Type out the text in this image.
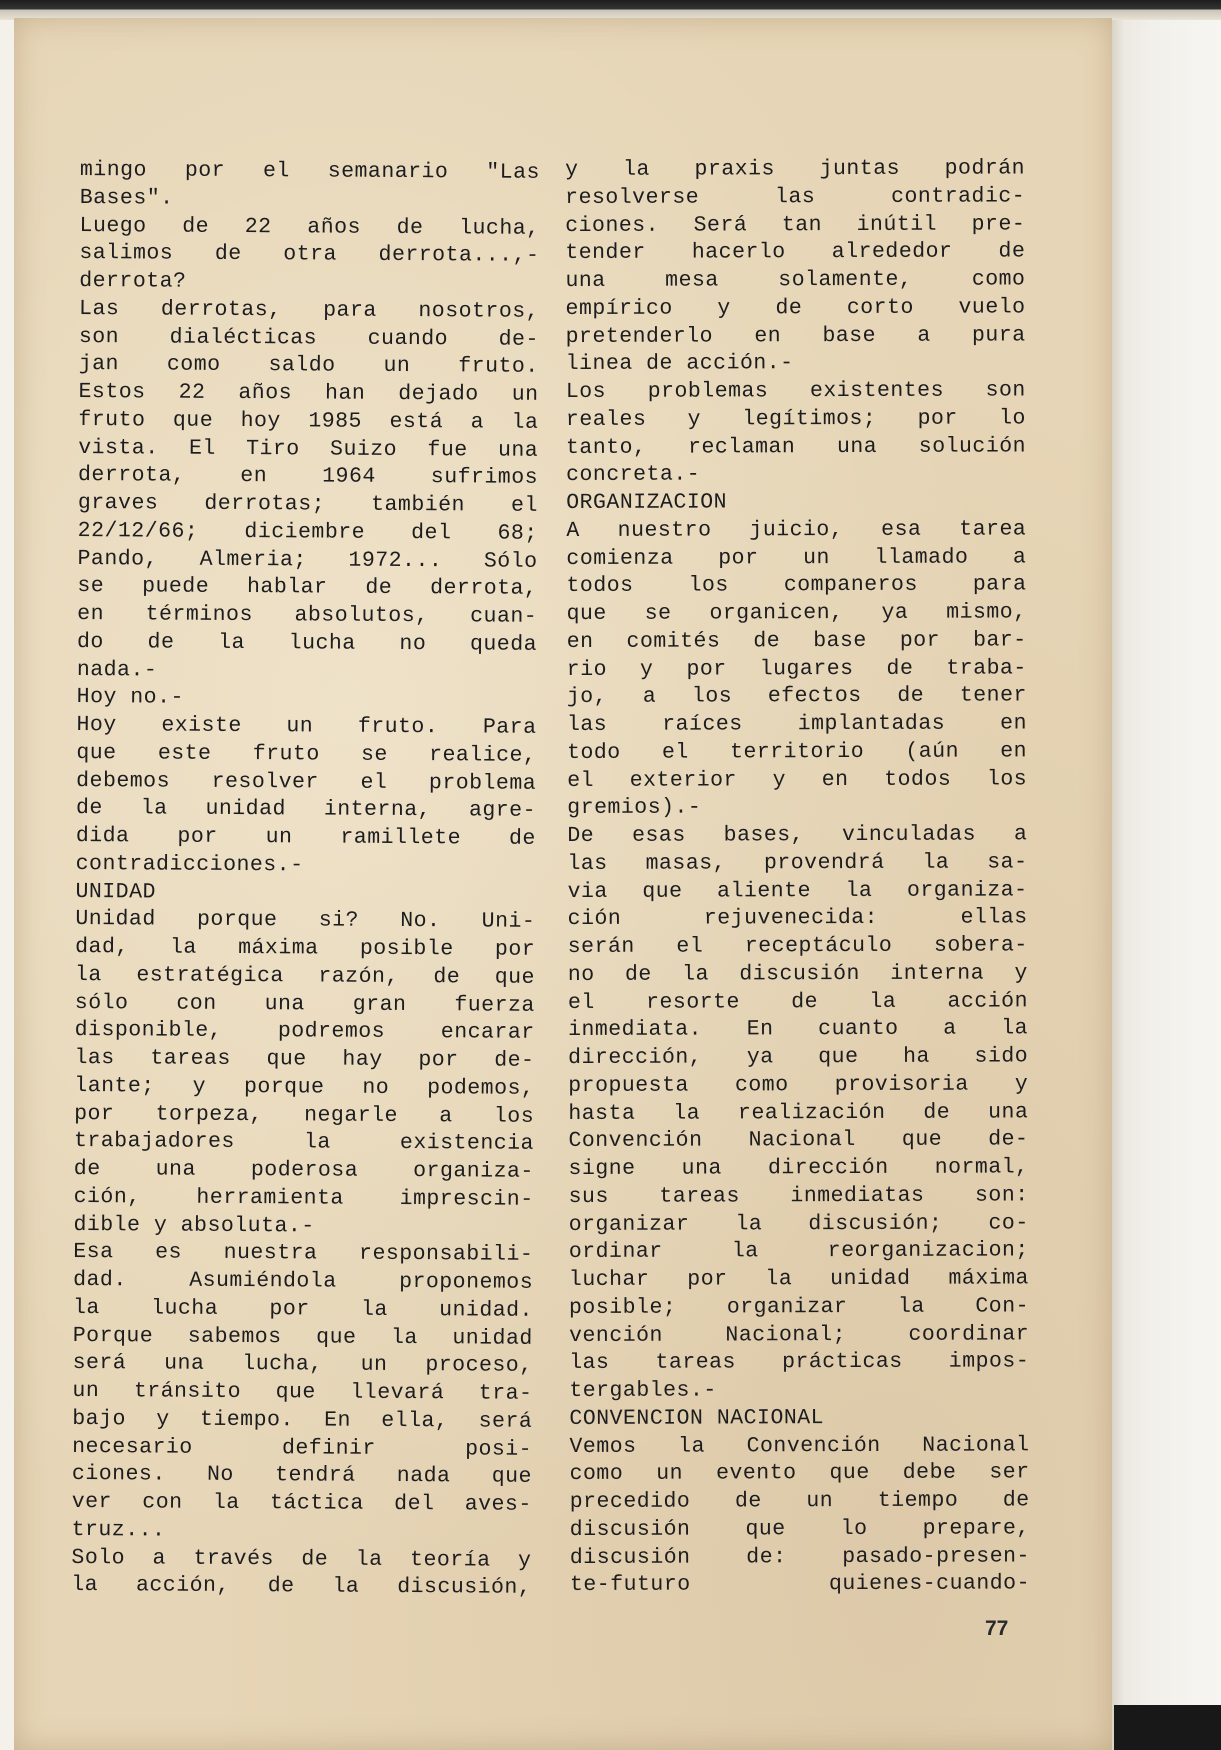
mingo por el semanario "Las
Bases".
Luego de 22 años de lucha,
salimos de otra derrota...,-
derrota?
Las derrotas, para nosotros,
son dialécticas cuando de-
jan como saldo un fruto.
Estos 22 años han dejado un
fruto que hoy 1985 está a la
vista. El Tiro Suizo fue una
derrota, en 1964 sufrimos
graves derrotas; también el
22/12/66; diciembre del 68;
Pando, Almeria; 1972... Sólo
se puede hablar de derrota,
en términos absolutos, cuan-
do de la lucha no queda
nada.-
Hoy no.-
Hoy existe un fruto. Para
que este fruto se realice,
debemos resolver el problema
de la unidad interna, agre-
dida por un ramillete de
contradicciones.-
UNIDAD
Unidad porque si? No. Uni-
dad, la máxima posible por
la estratégica razón, de que
sólo con una gran fuerza
disponible, podremos encarar
las tareas que hay por de-
lante; y porque no podemos,
por torpeza, negarle a los
trabajadores la existencia
de una poderosa organiza-
ción, herramienta imprescin-
dible y absoluta.-
Esa es nuestra responsabili-
dad. Asumiéndola proponemos
la lucha por la unidad.
Porque sabemos que la unidad
será una lucha, un proceso,
un tránsito que llevará tra-
bajo y tiempo. En ella, será
necesario definir posi-
ciones. No tendrá nada que
ver con la táctica del aves-
truz...
Solo a través de la teoría y
la acción, de la discusión,
y la praxis juntas podrán
resolverse las contradic-
ciones. Será tan inútil pre-
tender hacerlo alrededor de
una mesa solamente, como
empírico y de corto vuelo
pretenderlo en base a pura
linea de acción.-
Los problemas existentes son
reales y legítimos; por lo
tanto, reclaman una solución
concreta.-
ORGANIZACION
A nuestro juicio, esa tarea
comienza por un llamado a
todos los companeros para
que se organicen, ya mismo,
en comités de base por bar-
rio y por lugares de traba-
jo, a los efectos de tener
las raíces implantadas en
todo el territorio (aún en
el exterior y en todos los
gremios).-
De esas bases, vinculadas a
las masas, provendrá la sa-
via que aliente la organiza-
ción rejuvenecida: ellas
serán el receptáculo sobera-
no de la discusión interna y
el resorte de la acción
inmediata. En cuanto a la
dirección, ya que ha sido
propuesta como provisoria y
hasta la realización de una
Convención Nacional que de-
signe una dirección normal,
sus tareas inmediatas son:
organizar la discusión; co-
ordinar la reorganizacion;
luchar por la unidad máxima
posible; organizar la Con-
vención Nacional; coordinar
las tareas prácticas impos-
tergables.-
CONVENCION NACIONAL
Vemos la Convención Nacional
como un evento que debe ser
precedido de un tiempo de
discusión que lo prepare,
discusión de: pasado-presen-
te-futuro quienes-cuando-
77
